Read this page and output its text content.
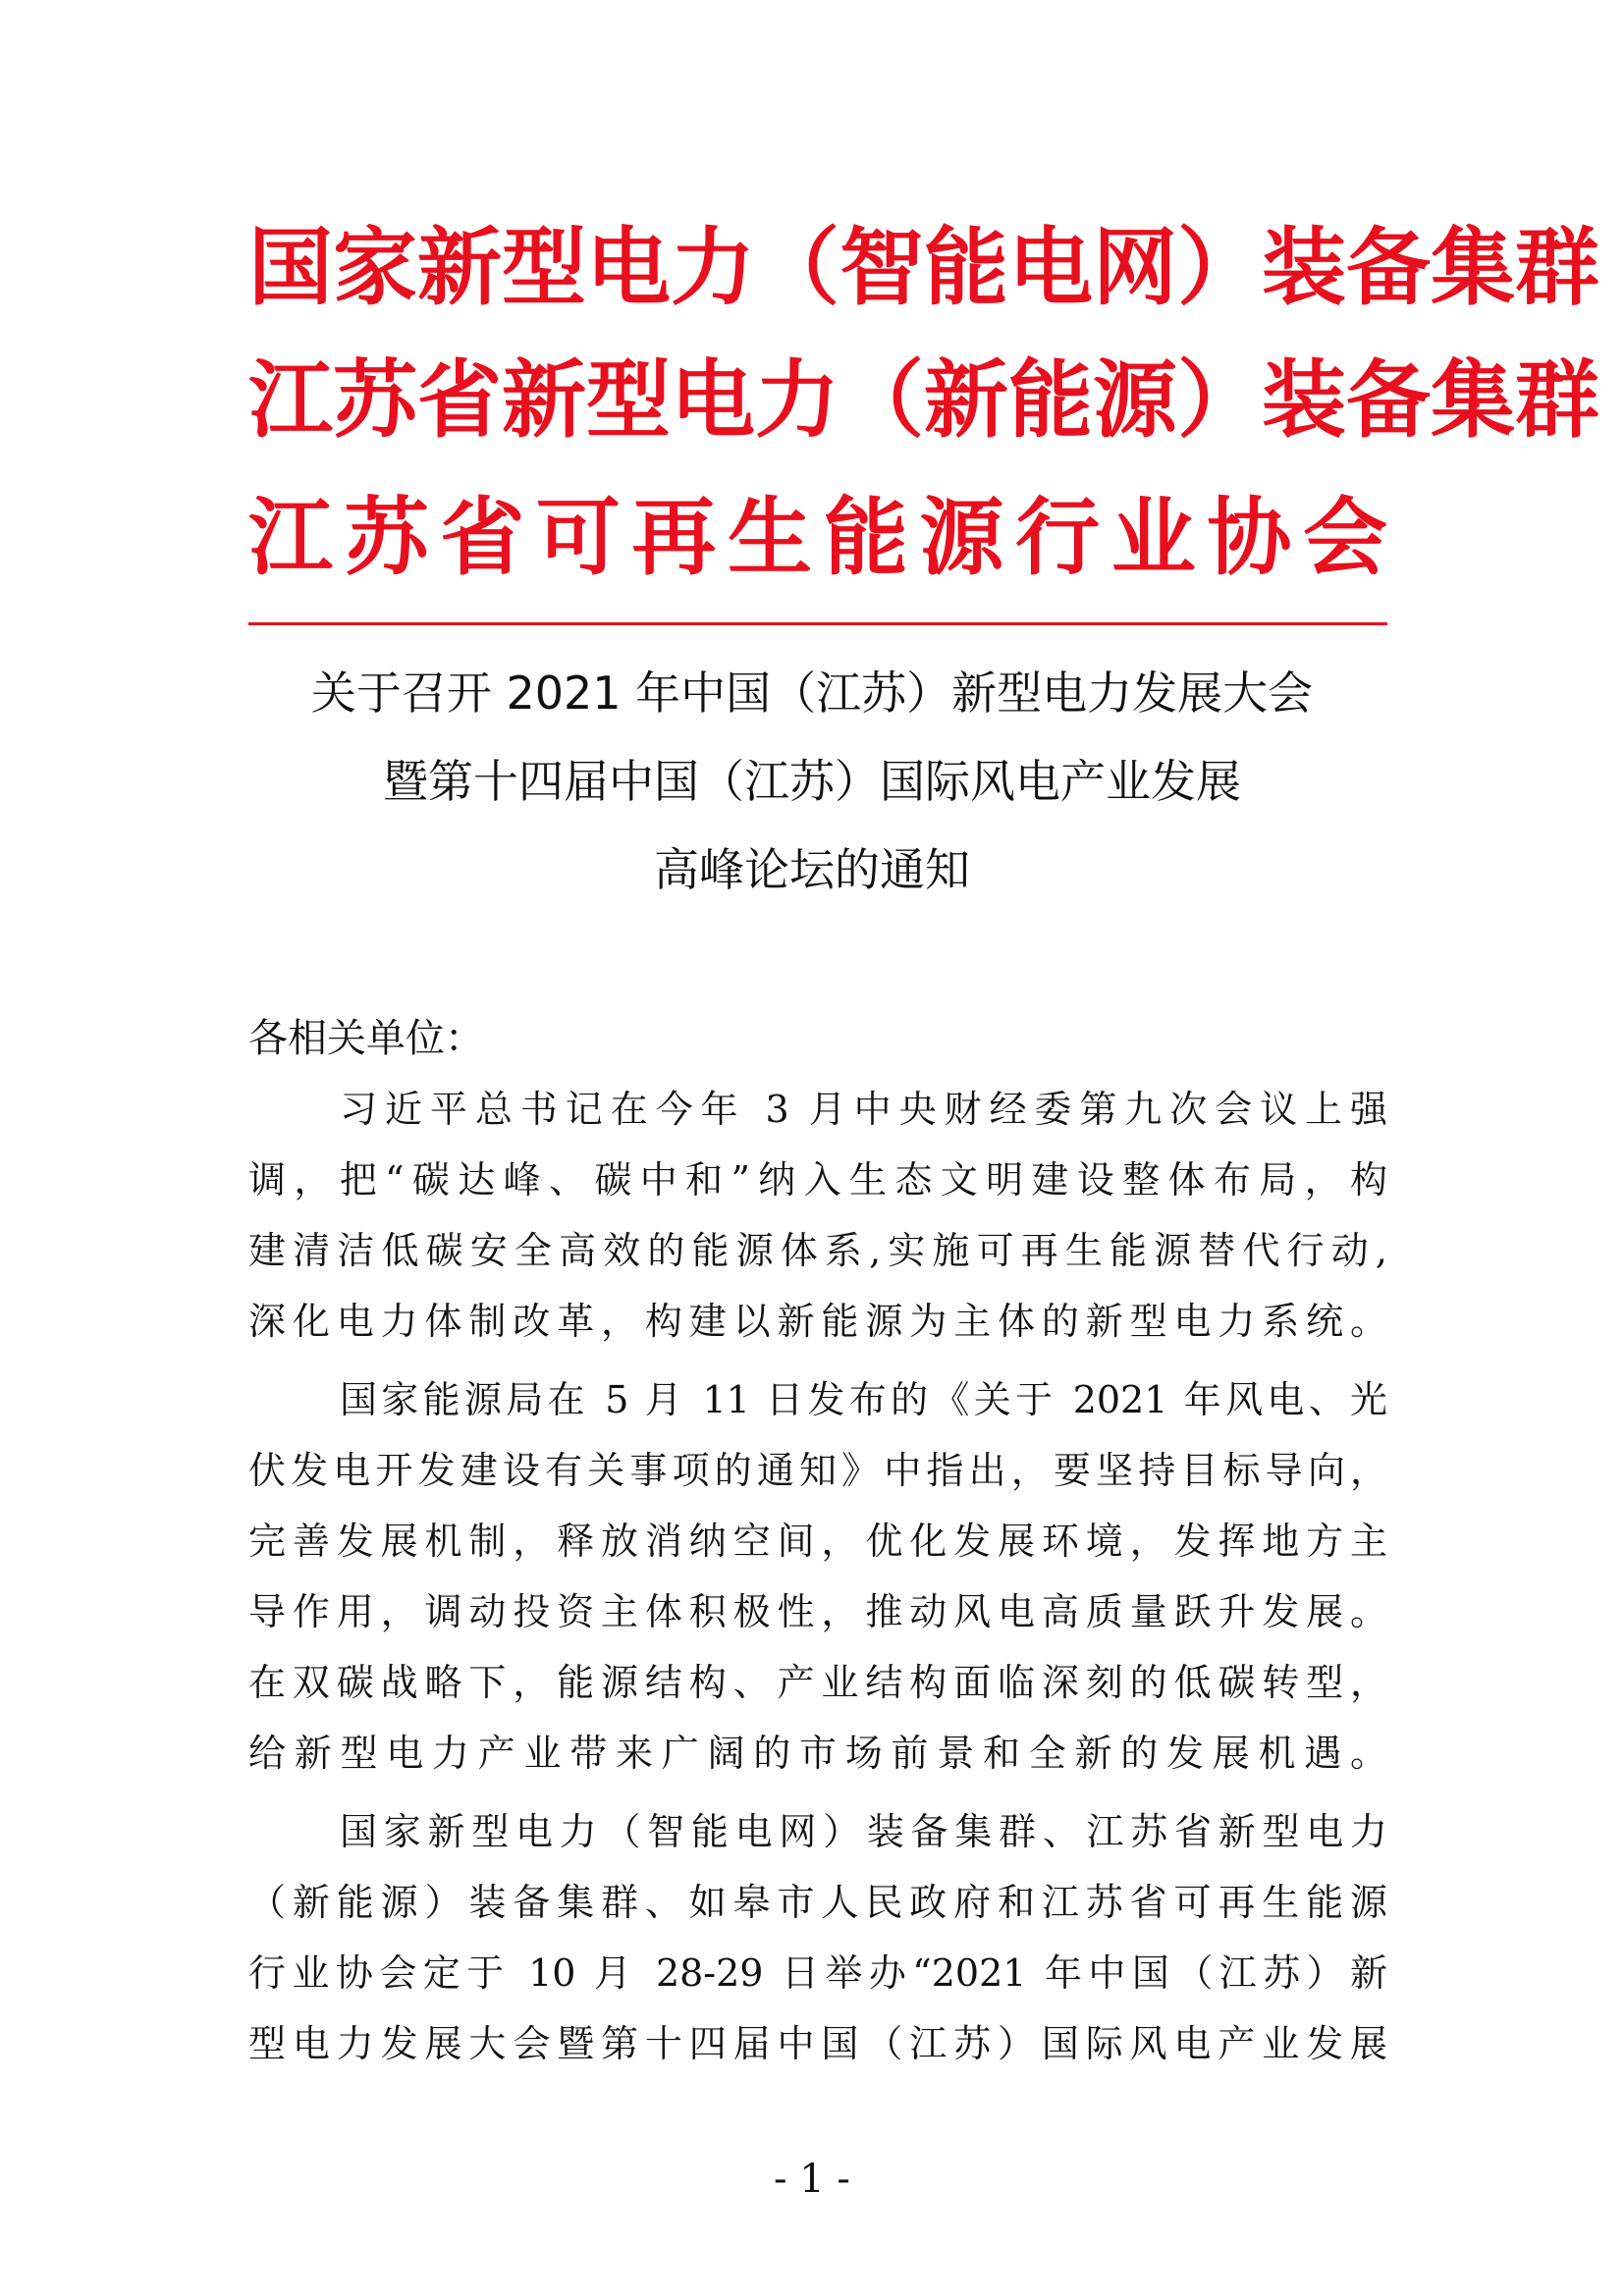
国家新型电力（智能电网）装备集群
江苏省新型电力（新能源）装备集群
江苏省可再生能源行业协会
关于召开 2021 年中国（江苏）新型电力发展大会
暨第十四届中国（江苏）国际风电产业发展
高峰论坛的通知
各相关单位：
习近平总书记在今年 3 月中央财经委第九次会议上强
调，把“碳达峰、碳中和”纳入生态文明建设整体布局，构
建清洁低碳安全高效的能源体系,实施可再生能源替代行动,
深化电力体制改革，构建以新能源为主体的新型电力系统。
国家能源局在 5 月 11 日发布的《关于 2021 年风电、光
伏发电开发建设有关事项的通知》中指出，要坚持目标导向，
完善发展机制，释放消纳空间，优化发展环境，发挥地方主
导作用，调动投资主体积极性，推动风电高质量跃升发展。
在双碳战略下，能源结构、产业结构面临深刻的低碳转型，
给新型电力产业带来广阔的市场前景和全新的发展机遇。
国家新型电力（智能电网）装备集群、江苏省新型电力
（新能源）装备集群、如皋市人民政府和江苏省可再生能源
行业协会定于 10 月 28-29 日举办“2021 年中国（江苏）新
型电力发展大会暨第十四届中国（江苏）国际风电产业发展
- 1 -
